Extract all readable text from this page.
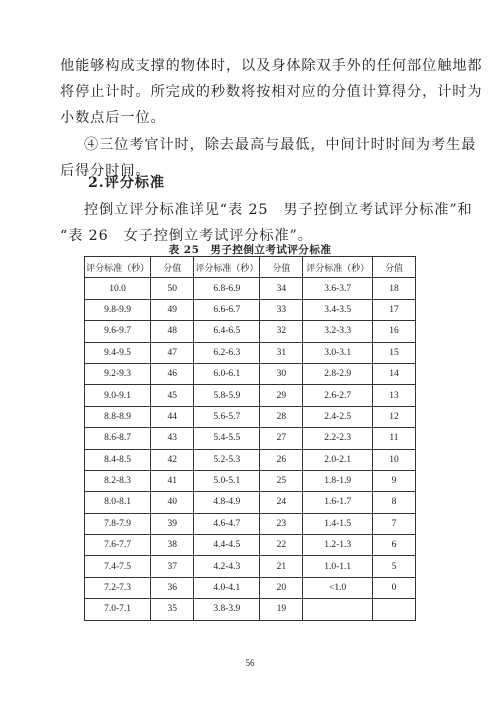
他能够构成支撑的物体时，以及身体除双手外的任何部位触地都
将停止计时。所完成的秒数将按相对应的分值计算得分，计时为
小数点后一位。
④三位考官计时，除去最高与最低，中间计时时间为考生最
后得分时间。
2.评分标准
控倒立评分标准详见“表 25　男子控倒立考试评分标准”和
“表 26　女子控倒立考试评分标准”。
表 25　男子控倒立考试评分标准
评分标准（秒）	分值	评分标准（秒）	分值	评分标准（秒）	分值
10.0	50	6.8-6.9	34	3.6-3.7	18
9.8-9.9	49	6.6-6.7	33	3.4-3.5	17
9.6-9.7	48	6.4-6.5	32	3.2-3.3	16
9.4-9.5	47	6.2-6.3	31	3.0-3.1	15
9.2-9.3	46	6.0-6.1	30	2.8-2.9	14
9.0-9.1	45	5.8-5.9	29	2.6-2.7	13
8.8-8.9	44	5.6-5.7	28	2.4-2.5	12
8.6-8.7	43	5.4-5.5	27	2.2-2.3	11
8.4-8.5	42	5.2-5.3	26	2.0-2.1	10
8.2-8.3	41	5.0-5.1	25	1.8-1.9	9
8.0-8.1	40	4.8-4.9	24	1.6-1.7	8
7.8-7.9	39	4.6-4.7	23	1.4-1.5	7
7.6-7.7	38	4.4-4.5	22	1.2-1.3	6
7.4-7.5	37	4.2-4.3	21	1.0-1.1	5
7.2-7.3	36	4.0-4.1	20	<1.0	0
7.0-7.1	35	3.8-3.9	19		
56
